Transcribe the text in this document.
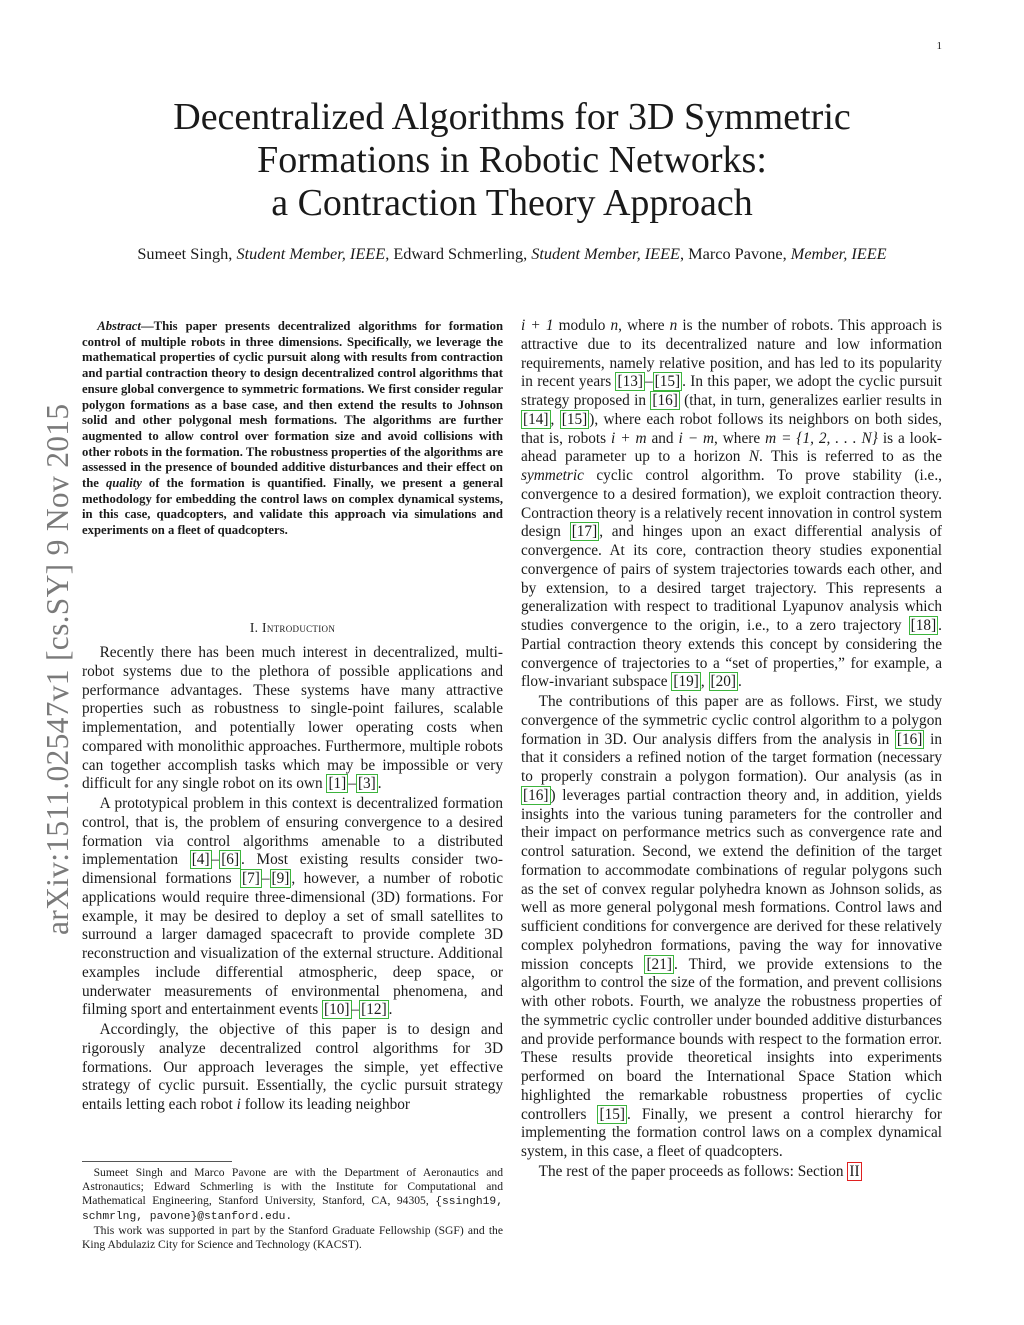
1
arXiv:1511.02547v1 [cs.SY] 9 Nov 2015
Decentralized Algorithms for 3D Symmetric
Formations in Robotic Networks:
a Contraction Theory Approach
Sumeet Singh, Student Member, IEEE, Edward Schmerling, Student Member, IEEE, Marco Pavone, Member, IEEE

Abstract—This paper presents decentralized algorithms for formation control of multiple robots in three dimensions. Specifically, we leverage the mathematical properties of cyclic pursuit along with results from contraction and partial contraction theory to design decentralized control algorithms that ensure global convergence to symmetric formations. We first consider regular polygon formations as a base case, and then extend the results to Johnson solid and other polygonal mesh formations. The algorithms are further augmented to allow control over formation size and avoid collisions with other robots in the formation. The robustness properties of the algorithms are assessed in the presence of bounded additive disturbances and their effect on the quality of the formation is quantified. Finally, we present a general methodology for embedding the control laws on complex dynamical systems, in this case, quadcopters, and validate this approach via simulations and experiments on a fleet of quadcopters.

I. Introduction

Recently there has been much interest in decentralized, multi-robot systems due to the plethora of possible applications and performance advantages. These systems have many attractive properties such as robustness to single-point failures, scalable implementation, and potentially lower operating costs when compared with monolithic approaches. Furthermore, multiple robots can together accomplish tasks which may be impossible or very difficult for any single robot on its own [1] – [3] .

A prototypical problem in this context is decentralized formation control, that is, the problem of ensuring convergence to a desired formation via control algorithms amenable to a distributed implementation [4] – [6] . Most existing results consider two-dimensional formations [7] – [9] , however, a number of robotic applications would require three-dimensional (3D) formations. For example, it may be desired to deploy a set of small satellites to surround a larger damaged spacecraft to provide complete 3D reconstruction and visualization of the external structure. Additional examples include differential atmospheric, deep space, or underwater measurements of environmental phenomena, and filming sport and entertainment events [10] – [12] .

Accordingly, the objective of this paper is to design and rigorously analyze decentralized control algorithms for 3D formations. Our approach leverages the simple, yet effective strategy of cyclic pursuit. Essentially, the cyclic pursuit strategy entails letting each robot i follow its leading neighbor

Sumeet Singh and Marco Pavone are with the Department of Aeronautics and Astronautics; Edward Schmerling is with the Institute for Computational and Mathematical Engineering, Stanford University, Stanford, CA, 94305, {ssingh19, schmrlng, pavone}@stanford.edu.

This work was supported in part by the Stanford Graduate Fellowship (SGF) and the King Abdulaziz City for Science and Technology (KACST).

i + 1 modulo n, where n is the number of robots. This approach is attractive due to its decentralized nature and low information requirements, namely relative position, and has led to its popularity in recent years [13] – [15] . In this paper, we adopt the cyclic pursuit strategy proposed in [16] (that, in turn, generalizes earlier results in [14] , [15] ), where each robot follows its neighbors on both sides, that is, robots i + m and i − m, where m = {1, 2, . . . N} is a look-ahead parameter up to a horizon N. This is referred to as the symmetric cyclic control algorithm. To prove stability (i.e., convergence to a desired formation), we exploit contraction theory. Contraction theory is a relatively recent innovation in control system design [17] , and hinges upon an exact differential analysis of convergence. At its core, contraction theory studies exponential convergence of pairs of system trajectories towards each other, and by extension, to a desired target trajectory. This represents a generalization with respect to traditional Lyapunov analysis which studies convergence to the origin, i.e., to a zero trajectory [18] . Partial contraction theory extends this concept by considering the convergence of trajectories to a “set of properties,” for example, a flow-invariant subspace [19] , [20] .

The contributions of this paper are as follows. First, we study convergence of the symmetric cyclic control algorithm to a polygon formation in 3D. Our analysis differs from the analysis in [16] in that it considers a refined notion of the target formation (necessary to properly constrain a polygon formation). Our analysis (as in [16] ) leverages partial contraction theory and, in addition, yields insights into the various tuning parameters for the controller and their impact on performance metrics such as convergence rate and control saturation. Second, we extend the definition of the target formation to accommodate combinations of regular polygons such as the set of convex regular polyhedra known as Johnson solids, as well as more general polygonal mesh formations. Control laws and sufficient conditions for convergence are derived for these relatively complex polyhedron formations, paving the way for innovative mission concepts [21] . Third, we provide extensions to the algorithm to control the size of the formation, and prevent collisions with other robots. Fourth, we analyze the robustness properties of the symmetric cyclic controller under bounded additive disturbances and provide performance bounds with respect to the formation error. These results provide theoretical insights into experiments performed on board the International Space Station which highlighted the remarkable robustness properties of cyclic controllers [15] . Finally, we present a control hierarchy for implementing the formation control laws on a complex dynamical system, in this case, a fleet of quadcopters.

The rest of the paper proceeds as follows: Section II
